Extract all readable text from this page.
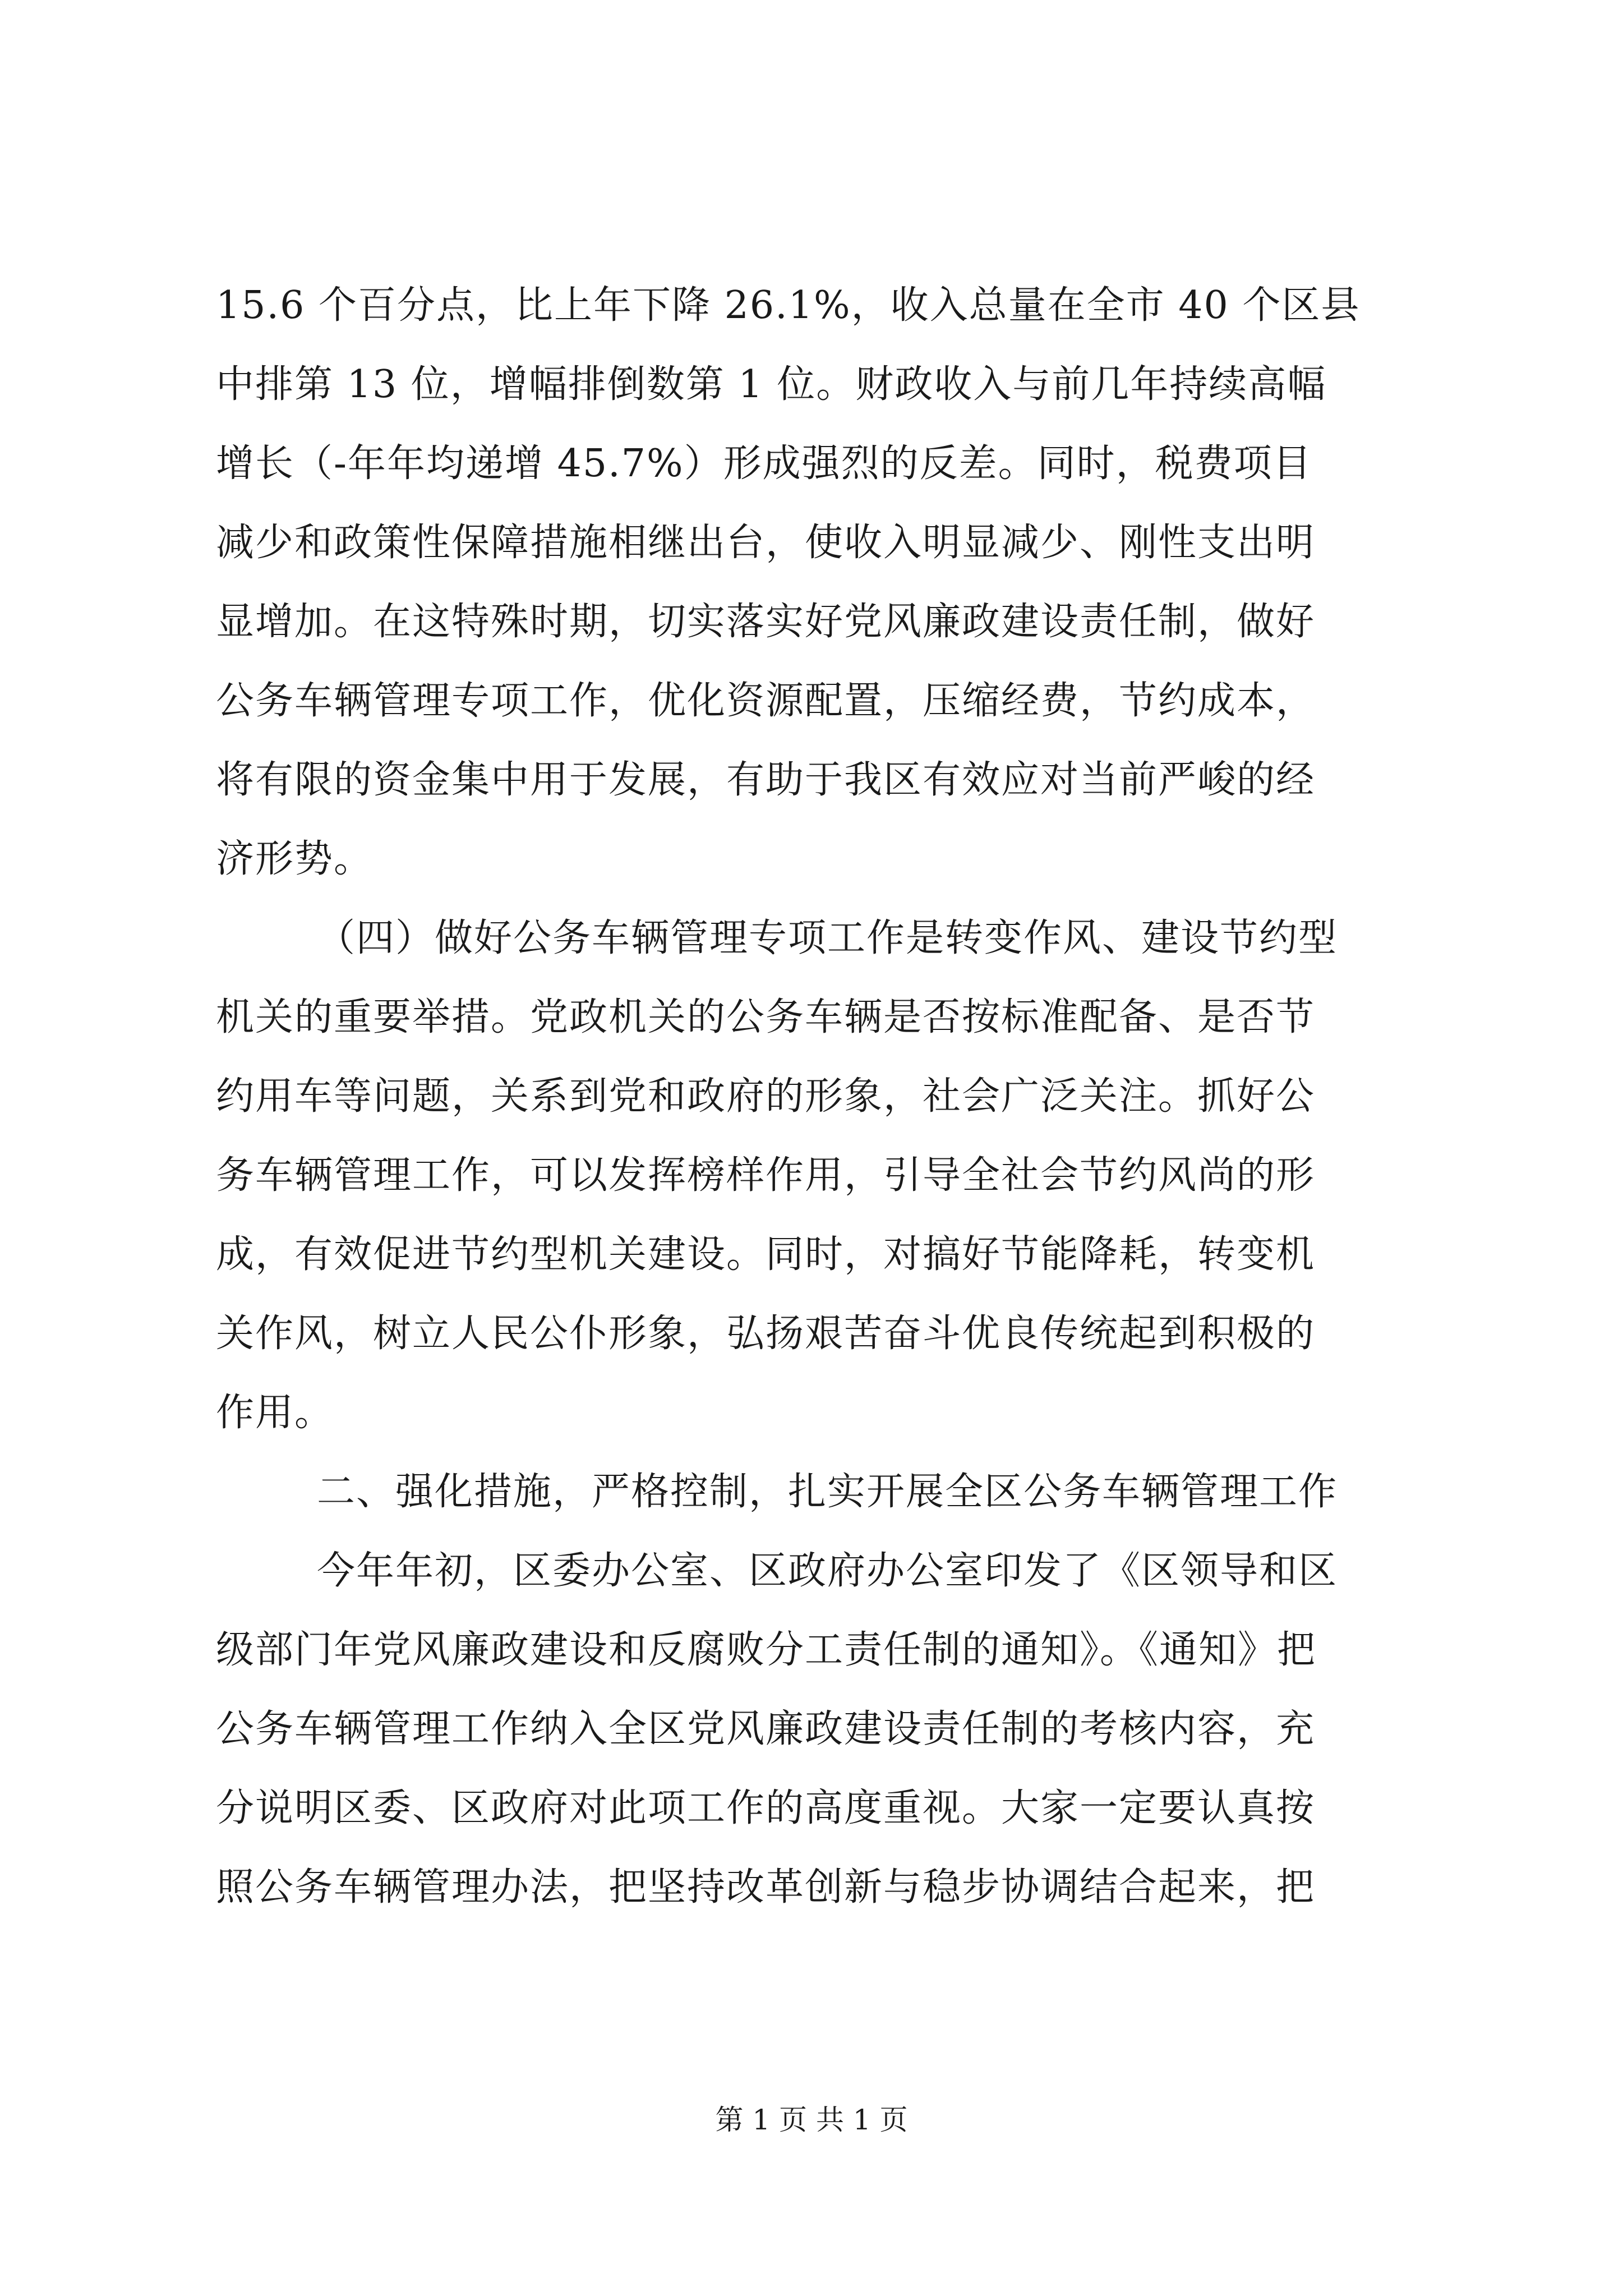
15.6 个百分点，比上年下降 26.1%，收入总量在全市 40 个区县
中排第 13 位，增幅排倒数第 1 位。财政收入与前几年持续高幅
增长（-年年均递增 45.7%）形成强烈的反差。同时，税费项目
减少和政策性保障措施相继出台，使收入明显减少、刚性支出明
显增加。在这特殊时期，切实落实好党风廉政建设责任制，做好
公务车辆管理专项工作，优化资源配置，压缩经费，节约成本，
将有限的资金集中用于发展，有助于我区有效应对当前严峻的经
济形势。
（四）做好公务车辆管理专项工作是转变作风、建设节约型
机关的重要举措。党政机关的公务车辆是否按标准配备、是否节
约用车等问题，关系到党和政府的形象，社会广泛关注。抓好公
务车辆管理工作，可以发挥榜样作用，引导全社会节约风尚的形
成，有效促进节约型机关建设。同时，对搞好节能降耗，转变机
关作风，树立人民公仆形象，弘扬艰苦奋斗优良传统起到积极的
作用。
二、强化措施，严格控制，扎实开展全区公务车辆管理工作
今年年初，区委办公室、区政府办公室印发了《区领导和区
级部门年党风廉政建设和反腐败分工责任制的通知》。《通知》把
公务车辆管理工作纳入全区党风廉政建设责任制的考核内容，充
分说明区委、区政府对此项工作的高度重视。大家一定要认真按
照公务车辆管理办法，把坚持改革创新与稳步协调结合起来，把
第 1 页 共 1 页
